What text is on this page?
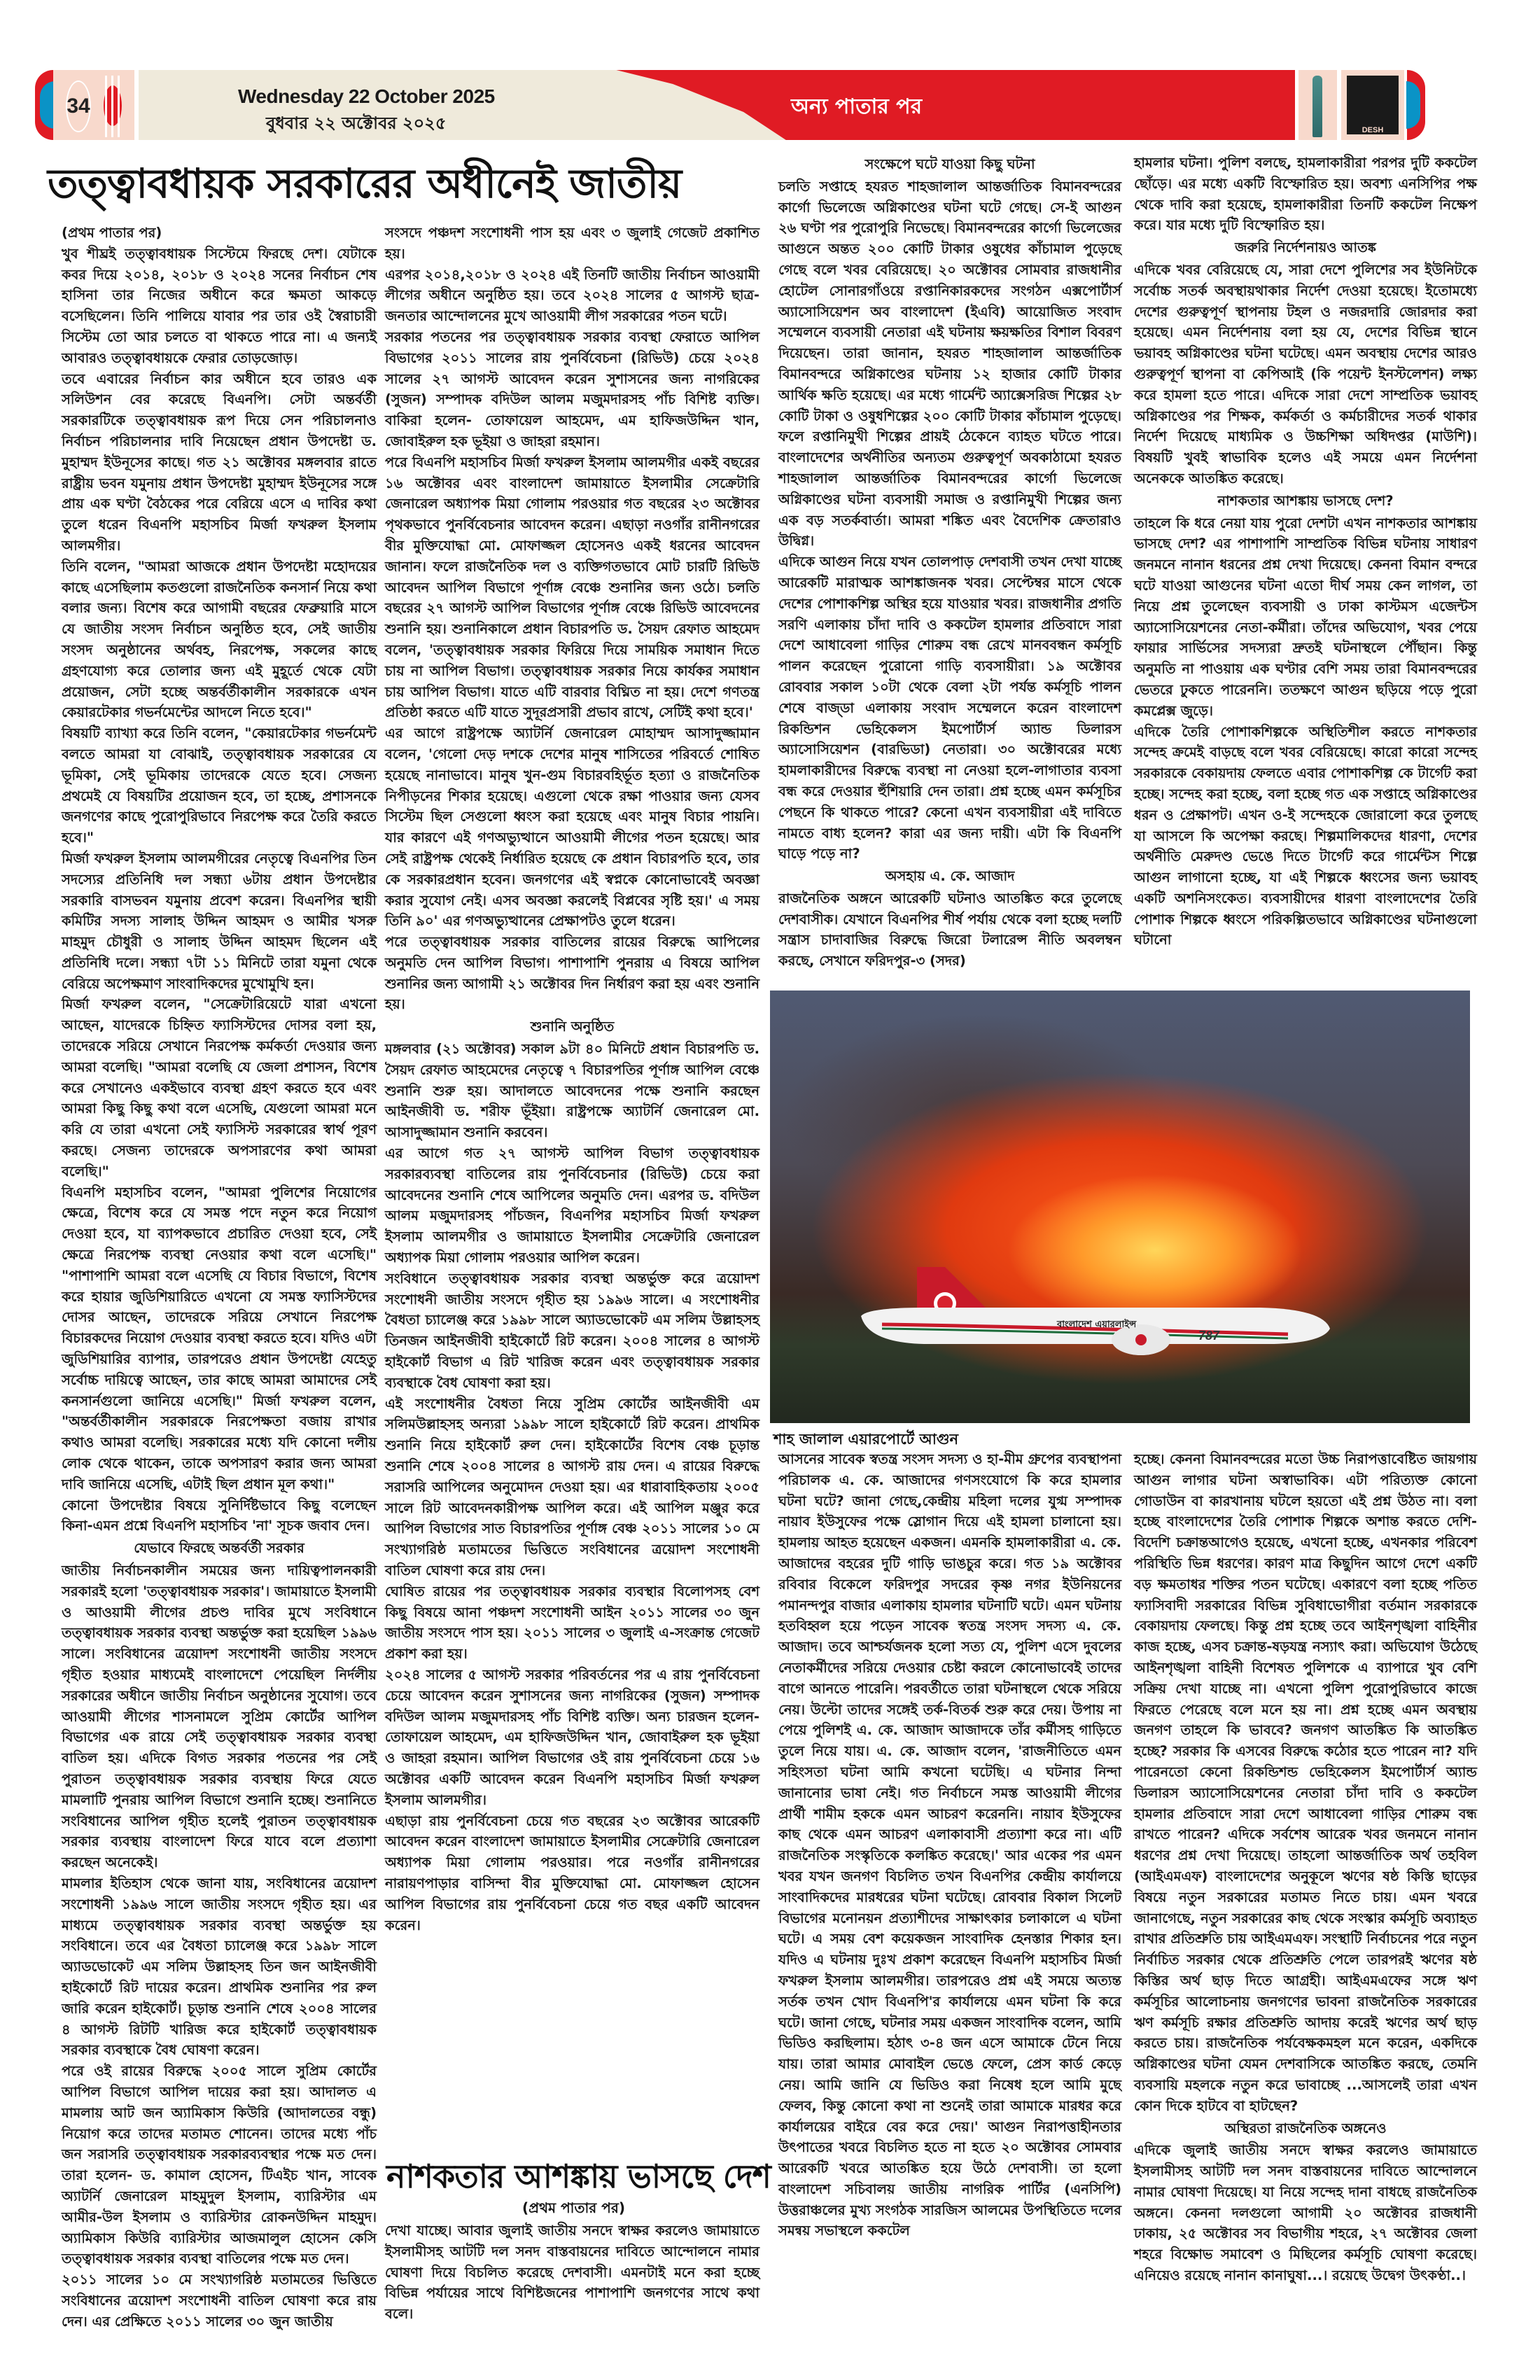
34	Wednesday 22 October 2025
বুধবার ২২ অক্টোবর ২০২৫
অন্য পাতার পর
DESH
তত্ত্বাবধায়ক সরকারের অধীনেই জাতীয়

(প্রথম পাতার পর)

খুব শীঘ্রই তত্ত্বাবধায়ক সিস্টেমে ফিরছে দেশ। যেটাকে কবর দিয়ে ২০১৪, ২০১৮ ও ২০২৪ সনের নির্বাচন শেষ হাসিনা তার নিজের অধীনে করে ক্ষমতা আকড়ে বসেছিলেন। তিনি পালিয়ে যাবার পর তার ওই স্বৈরাচারী সিস্টেম তো আর চলতে বা থাকতে পারে না। এ জন্যই আবারও তত্ত্বাবধায়কে ফেরার তোড়জোড়।

তবে এবারের নির্বাচন কার অধীনে হবে তারও এক সলিউশন বের করেছে বিএনপি। সেটা অন্তর্বর্তী সরকারটিকে তত্ত্বাবধায়ক রূপ দিয়ে সেন পরিচালনাও নির্বাচন পরিচালনার দাবি নিয়েছেন প্রধান উপদেষ্টা ড. মুহাম্মদ ইউনূসের কাছে। গত ২১ অক্টোবর মঙ্গলবার রাতে রাষ্ট্রীয় ভবন যমুনায় প্রধান উপদেষ্টা মুহাম্মদ ইউনূসের সঙ্গে প্রায় এক ঘণ্টা বৈঠকের পরে বেরিয়ে এসে এ দাবির কথা তুলে ধরেন বিএনপি মহাসচিব মির্জা ফখরুল ইসলাম আলমগীর।

তিনি বলেন, "আমরা আজকে প্রধান উপদেষ্টা মহোদয়ের কাছে এসেছিলাম কতগুলো রাজনৈতিক কনসার্ন নিয়ে কথা বলার জন্য। বিশেষ করে আগামী বছরের ফেব্রুয়ারি মাসে যে জাতীয় সংসদ নির্বাচন অনুষ্ঠিত হবে, সেই জাতীয় সংসদ অনুষ্ঠানের অর্থবহ, নিরপেক্ষ, সকলের কাছে গ্রহণযোগ্য করে তোলার জন্য এই মুহূর্তে থেকে যেটা প্রয়োজন, সেটা হচ্ছে অন্তর্বর্তীকালীন সরকারকে এখন কেয়ারটেকার গভর্নমেন্টের আদলে নিতে হবে।"

বিষয়টি ব্যাখ্যা করে তিনি বলেন, "কেয়ারটেকার গভর্নমেন্ট বলতে আমরা যা বোঝাই, তত্ত্বাবধায়ক সরকারের যে ভূমিকা, সেই ভূমিকায় তাদেরকে যেতে হবে। সেজন্য প্রথমেই যে বিষয়টির প্রয়োজন হবে, তা হচ্ছে, প্রশাসনকে জনগণের কাছে পুরোপুরিভাবে নিরপেক্ষ করে তৈরি করতে হবে।"

মির্জা ফখরুল ইসলাম আলমগীরের নেতৃত্বে বিএনপির তিন সদস্যের প্রতিনিধি দল সন্ধ্যা ৬টায় প্রধান উপদেষ্টার সরকারি বাসভবন যমুনায় প্রবেশ করেন। বিএনপির স্থায়ী কমিটির সদস্য সালাহ উদ্দিন আহমদ ও আমীর খসরু মাহমুদ চৌধুরী ও সালাহ উদ্দিন আহমদ ছিলেন এই প্রতিনিধি দলে। সন্ধ্যা ৭টা ১১ মিনিটে তারা যমুনা থেকে বেরিয়ে অপেক্ষমাণ সাংবাদিকদের মুখোমুখি হন।

মির্জা ফখরুল বলেন, "সেক্রেটারিয়েটে যারা এখনো আছেন, যাদেরকে চিহ্নিত ফ্যাসিস্টদের দোসর বলা হয়, তাদেরকে সরিয়ে সেখানে নিরপেক্ষ কর্মকর্তা দেওয়ার জন্য আমরা বলেছি। "আমরা বলেছি যে জেলা প্রশাসন, বিশেষ করে সেখানেও একইভাবে ব্যবস্থা গ্রহণ করতে হবে এবং আমরা কিছু কিছু কথা বলে এসেছি, যেগুলো আমরা মনে করি যে তারা এখনো সেই ফ্যাসিস্ট সরকারের স্বার্থ পূরণ করছে। সেজন্য তাদেরকে অপসারণের কথা আমরা বলেছি।"

বিএনপি মহাসচিব বলেন, "আমরা পুলিশের নিয়োগের ক্ষেত্রে, বিশেষ করে যে সমস্ত পদে নতুন করে নিয়োগ দেওয়া হবে, যা ব্যাপকভাবে প্রচারিত দেওয়া হবে, সেই ক্ষেত্রে নিরপেক্ষ ব্যবস্থা নেওয়ার কথা বলে এসেছি।" "পাশাপাশি আমরা বলে এসেছি যে বিচার বিভাগে, বিশেষ করে হায়ার জুডিশিয়ারিতে এখনো যে সমস্ত ফ্যাসিস্টদের দোসর আছেন, তাদেরকে সরিয়ে সেখানে নিরপেক্ষ বিচারকদের নিয়োগ দেওয়ার ব্যবস্থা করতে হবে। যদিও এটা জুডিশিয়ারির ব্যাপার, তারপরেও প্রধান উপদেষ্টা যেহেতু সর্বোচ্চ দায়িত্বে আছেন, তার কাছে আমরা আমাদের সেই কনসার্নগুলো জানিয়ে এসেছি।" মির্জা ফখরুল বলেন, "অন্তর্বর্তীকালীন সরকারকে নিরপেক্ষতা বজায় রাখার কথাও আমরা বলেছি। সরকারের মধ্যে যদি কোনো দলীয় লোক থেকে থাকেন, তাকে অপসারণ করার জন্য আমরা দাবি জানিয়ে এসেছি, এটাই ছিল প্রধান মূল কথা।"

কোনো উপদেষ্টার বিষয়ে সুনির্দিষ্টভাবে কিছু বলেছেন কিনা-এমন প্রশ্নে বিএনপি মহাসচিব 'না' সূচক জবাব দেন।

যেভাবে ফিরছে অন্তর্বর্তী সরকার

জাতীয় নির্বাচনকালীন সময়ের জন্য দায়িত্বপালনকারী সরকারই হলো 'তত্ত্বাবধায়ক সরকার'। জামায়াতে ইসলামী ও আওয়ামী লীগের প্রচণ্ড দাবির মুখে সংবিধানে তত্ত্বাবধায়ক সরকার ব্যবস্থা অন্তর্ভুক্ত করা হয়েছিল ১৯৯৬ সালে। সংবিধানের ত্রয়োদশ সংশোধনী জাতীয় সংসদে গৃহীত হওয়ার মাধ্যমেই বাংলাদেশে পেয়েছিল নির্দলীয় সরকারের অধীনে জাতীয় নির্বাচন অনুষ্ঠানের সুযোগ। তবে আওয়ামী লীগের শাসনামলে সুপ্রিম কোর্টের আপিল বিভাগের এক রায়ে সেই তত্ত্বাবধায়ক সরকার ব্যবস্থা বাতিল হয়। এদিকে বিগত সরকার পতনের পর সেই পুরাতন তত্ত্বাবধায়ক সরকার ব্যবস্থায় ফিরে যেতে মামলাটি পুনরায় আপিল বিভাগে শুনানি হচ্ছে। শুনানিতে সংবিধানের আপিল গৃহীত হলেই পুরাতন তত্ত্বাবধায়ক সরকার ব্যবস্থায় বাংলাদেশ ফিরে যাবে বলে প্রত্যাশা করছেন অনেকেই।

মামলার ইতিহাস থেকে জানা যায়, সংবিধানের ত্রয়োদশ সংশোধনী ১৯৯৬ সালে জাতীয় সংসদে গৃহীত হয়। এর মাধ্যমে তত্ত্বাবধায়ক সরকার ব্যবস্থা অন্তর্ভুক্ত হয় সংবিধানে। তবে এর বৈধতা চ্যালেঞ্জ করে ১৯৯৮ সালে অ্যাডভোকেট এম সলিম উল্লাহসহ তিন জন আইনজীবী হাইকোর্টে রিট দায়ের করেন। প্রাথমিক শুনানির পর রুল জারি করেন হাইকোর্ট। চূড়ান্ত শুনানি শেষে ২০০৪ সালের ৪ আগস্ট রিটটি খারিজ করে হাইকোর্ট তত্ত্বাবধায়ক সরকার ব্যবস্থাকে বৈধ ঘোষণা করেন।

পরে ওই রায়ের বিরুদ্ধে ২০০৫ সালে সুপ্রিম কোর্টের আপিল বিভাগে আপিল দায়ের করা হয়। আদালত এ মামলায় আট জন অ্যামিকাস কিউরি (আদালতের বন্ধু) নিয়োগ করে তাদের মতামত শোনেন। তাদের মধ্যে পাঁচ জন সরাসরি তত্ত্বাবধায়ক সরকারব্যবস্থার পক্ষে মত দেন। তারা হলেন- ড. কামাল হোসেন, টিএইচ খান, সাবেক অ্যাটর্নি জেনারেল মাহমুদুল ইসলাম, ব্যারিস্টার এম আমীর-উল ইসলাম ও ব্যারিস্টার রোকনউদ্দিন মাহমুদ। অ্যামিকাস কিউরি ব্যারিস্টার আজমালুল হোসেন কেসি তত্ত্বাবধায়ক সরকার ব্যবস্থা বাতিলের পক্ষে মত দেন।

২০১১ সালের ১০ মে সংখ্যাগরিষ্ঠ মতামতের ভিত্তিতে সংবিধানের ত্রয়োদশ সংশোধনী বাতিল ঘোষণা করে রায় দেন। এর প্রেক্ষিতে ২০১১ সালের ৩০ জুন জাতীয়

সংসদে পঞ্চদশ সংশোধনী পাস হয় এবং ৩ জুলাই গেজেট প্রকাশিত হয়।

এরপর ২০১৪,২০১৮ ও ২০২৪ এই তিনটি জাতীয় নির্বাচন আওয়ামী লীগের অধীনে অনুষ্ঠিত হয়। তবে ২০২৪ সালের ৫ আগস্ট ছাত্র-জনতার আন্দোলনের মুখে আওয়ামী লীগ সরকারের পতন ঘটে।

সরকার পতনের পর তত্ত্বাবধায়ক সরকার ব্যবস্থা ফেরাতে আপিল বিভাগের ২০১১ সালের রায় পুনর্বিবেচনা (রিভিউ) চেয়ে ২০২৪ সালের ২৭ আগস্ট আবেদন করেন সুশাসনের জন্য নাগরিকের (সুজন) সম্পাদক বদিউল আলম মজুমদারসহ পাঁচ বিশিষ্ট ব্যক্তি। বাকিরা হলেন- তোফায়েল আহমেদ, এম হাফিজউদ্দিন খান, জোবাইরুল হক ভূইয়া ও জাহরা রহমান।

পরে বিএনপি মহাসচিব মির্জা ফখরুল ইসলাম আলমগীর একই বছরের ১৬ অক্টোবর এবং বাংলাদেশ জামায়াতে ইসলামীর সেক্রেটারি জেনারেল অধ্যাপক মিয়া গোলাম পরওয়ার গত বছরের ২৩ অক্টোবর পৃথকভাবে পুনর্বিবেচনার আবেদন করেন। এছাড়া নওগাঁর রানীনগরের বীর মুক্তিযোদ্ধা মো. মোফাজ্জল হোসেনও একই ধরনের আবেদন জানান। ফলে রাজনৈতিক দল ও ব্যক্তিগতভাবে মোট চারটি রিভিউ আবেদন আপিল বিভাগে পূর্ণাঙ্গ বেঞ্চে শুনানির জন্য ওঠে। চলতি বছরের ২৭ আগস্ট আপিল বিভাগের পূর্ণাঙ্গ বেঞ্চে রিভিউ আবেদনের শুনানি হয়। শুনানিকালে প্রধান বিচারপতি ড. সৈয়দ রেফাত আহমেদ বলেন, 'তত্ত্বাবধায়ক সরকার ফিরিয়ে দিয়ে সাময়িক সমাধান দিতে চায় না আপিল বিভাগ। তত্ত্বাবধায়ক সরকার নিয়ে কার্যকর সমাধান চায় আপিল বিভাগ। যাতে এটি বারবার বিঘ্নিত না হয়। দেশে গণতন্ত্র প্রতিষ্ঠা করতে এটি যাতে সুদূরপ্রসারী প্রভাব রাখে, সেটিই কথা হবে।'

এর আগে রাষ্ট্রপক্ষে অ্যাটর্নি জেনারেল মোহাম্মদ আসাদুজ্জামান বলেন, 'গেলো দেড় দশকে দেশের মানুষ শাসিতের পরিবর্তে শোষিত হয়েছে নানাভাবে। মানুষ খুন-গুম বিচারবহির্ভূত হত্যা ও রাজনৈতিক নিপীড়নের শিকার হয়েছে। এগুলো থেকে রক্ষা পাওয়ার জন্য যেসব সিস্টেম ছিল সেগুলো ধ্বংস করা হয়েছে এবং মানুষ বিচার পায়নি। যার কারণে এই গণঅভ্যুত্থানে আওয়ামী লীগের পতন হয়েছে। আর সেই রাষ্ট্রপক্ষ থেকেই নির্ধারিত হয়েছে কে প্রধান বিচারপতি হবে, তার কে সরকারপ্রধান হবেন। জনগণের এই স্বপ্নকে কোনোভাবেই অবজ্ঞা করার সুযোগ নেই। এসব অবজ্ঞা করলেই বিপ্লবের সৃষ্টি হয়।' এ সময় তিনি ৯০' এর গণঅভ্যুত্থানের প্রেক্ষাপটও তুলে ধরেন।

পরে তত্ত্বাবধায়ক সরকার বাতিলের রায়ের বিরুদ্ধে আপিলের অনুমতি দেন আপিল বিভাগ। পাশাপাশি পুনরায় এ বিষয়ে আপিল শুনানির জন্য আগামী ২১ অক্টোবর দিন নির্ধারণ করা হয় এবং শুনানি হয়।

শুনানি অনুষ্ঠিত

মঙ্গলবার (২১ অক্টোবর) সকাল ৯টা ৪০ মিনিটে প্রধান বিচারপতি ড. সৈয়দ রেফাত আহমেদের নেতৃত্বে ৭ বিচারপতির পূর্ণাঙ্গ আপিল বেঞ্চে শুনানি শুরু হয়। আদালতে আবেদনের পক্ষে শুনানি করছেন আইনজীবী ড. শরীফ ভূঁইয়া। রাষ্ট্রপক্ষে অ্যাটর্নি জেনারেল মো. আসাদুজ্জামান শুনানি করবেন।

এর আগে গত ২৭ আগস্ট আপিল বিভাগ তত্ত্বাবধায়ক সরকারব্যবস্থা বাতিলের রায় পুনর্বিবেচনার (রিভিউ) চেয়ে করা আবেদনের শুনানি শেষে আপিলের অনুমতি দেন। এরপর ড. বদিউল আলম মজুমদারসহ পাঁচজন, বিএনপির মহাসচিব মির্জা ফখরুল ইসলাম আলমগীর ও জামায়াতে ইসলামীর সেক্রেটারি জেনারেল অধ্যাপক মিয়া গোলাম পরওয়ার আপিল করেন।

সংবিধানে তত্ত্বাবধায়ক সরকার ব্যবস্থা অন্তর্ভুক্ত করে ত্রয়োদশ সংশোধনী জাতীয় সংসদে গৃহীত হয় ১৯৯৬ সালে। এ সংশোধনীর বৈধতা চ্যালেঞ্জ করে ১৯৯৮ সালে অ্যাডভোকেট এম সলিম উল্লাহসহ তিনজন আইনজীবী হাইকোর্টে রিট করেন। ২০০৪ সালের ৪ আগস্ট হাইকোর্ট বিভাগ এ রিট খারিজ করেন এবং তত্ত্বাবধায়ক সরকার ব্যবস্থাকে বৈধ ঘোষণা করা হয়।

এই সংশোধনীর বৈধতা নিয়ে সুপ্রিম কোর্টের আইনজীবী এম সলিমউল্লাহসহ অন্যরা ১৯৯৮ সালে হাইকোর্টে রিট করেন। প্রাথমিক শুনানি নিয়ে হাইকোর্ট রুল দেন। হাইকোর্টের বিশেষ বেঞ্চ চূড়ান্ত শুনানি শেষে ২০০৪ সালের ৪ আগস্ট রায় দেন। এ রায়ের বিরুদ্ধে সরাসরি আপিলের অনুমোদন দেওয়া হয়। এর ধারাবাহিকতায় ২০০৫ সালে রিট আবেদনকারীপক্ষ আপিল করে। এই আপিল মঞ্জুর করে আপিল বিভাগের সাত বিচারপতির পূর্ণাঙ্গ বেঞ্চ ২০১১ সালের ১০ মে সংখ্যাগরিষ্ঠ মতামতের ভিত্তিতে সংবিধানের ত্রয়োদশ সংশোধনী বাতিল ঘোষণা করে রায় দেন।

ঘোষিত রায়ের পর তত্ত্বাবধায়ক সরকার ব্যবস্থার বিলোপসহ বেশ কিছু বিষয়ে আনা পঞ্চদশ সংশোধনী আইন ২০১১ সালের ৩০ জুন জাতীয় সংসদে পাস হয়। ২০১১ সালের ৩ জুলাই এ-সংক্রান্ত গেজেট প্রকাশ করা হয়।

২০২৪ সালের ৫ আগস্ট সরকার পরিবর্তনের পর এ রায় পুনর্বিবেচনা চেয়ে আবেদন করেন সুশাসনের জন্য নাগরিকের (সুজন) সম্পাদক বদিউল আলম মজুমদারসহ পাঁচ বিশিষ্ট ব্যক্তি। অন্য চারজন হলেন- তোফায়েল আহমেদ, এম হাফিজউদ্দিন খান, জোবাইরুল হক ভূইয়া ও জাহরা রহমান। আপিল বিভাগের ওই রায় পুনর্বিবেচনা চেয়ে ১৬ অক্টোবর একটি আবেদন করেন বিএনপি মহাসচিব মির্জা ফখরুল ইসলাম আলমগীর।

এছাড়া রায় পুনর্বিবেচনা চেয়ে গত বছরের ২৩ অক্টোবর আরেকটি আবেদন করেন বাংলাদেশ জামায়াতে ইসলামীর সেক্রেটারি জেনারেল অধ্যাপক মিয়া গোলাম পরওয়ার। পরে নওগাঁর রানীনগরের নারায়ণপাড়ার বাসিন্দা বীর মুক্তিযোদ্ধা মো. মোফাজ্জল হোসেন আপিল বিভাগের রায় পুনর্বিবেচনা চেয়ে গত বছর একটি আবেদন করেন।

নাশকতার আশঙ্কায় ভাসছে দেশ
(প্রথম পাতার পর)

দেখা যাচ্ছে। আবার জুলাই জাতীয় সনদে স্বাক্ষর করলেও জামায়াতে ইসলামীসহ আটটি দল সনদ বাস্তবায়নের দাবিতে আন্দোলনে নামার ঘোষণা দিয়ে বিচলিত করেছে দেশবাসী। এমনটাই মনে করা হচ্ছে বিভিন্ন পর্যায়ের সাথে বিশিষ্টজনের পাশাপাশি জনগণের সাথে কথা বলে।

সংক্ষেপে ঘটে যাওয়া কিছু ঘটনা

চলতি সপ্তাহে হযরত শাহজালাল আন্তর্জাতিক বিমানবন্দরের কার্গো ভিলেজে অগ্নিকাণ্ডের ঘটনা ঘটে গেছে। সে-ই আগুন ২৬ ঘণ্টা পর পুরোপুরি নিভেছে। বিমানবন্দরের কার্গো ভিলেজের আগুনে অন্তত ২০০ কোটি টাকার ওষুধের কাঁচামাল পুড়েছে গেছে বলে খবর বেরিয়েছে। ২০ অক্টোবর সোমবার রাজধানীর হোটেল সোনারগাঁওয়ে রপ্তানিকারকদের সংগঠন এক্সপোর্টার্স অ্যাসোসিয়েশন অব বাংলাদেশ (ইএবি) আয়োজিত সংবাদ সম্মেলনে ব্যবসায়ী নেতারা এই ঘটনায় ক্ষয়ক্ষতির বিশাল বিবরণ দিয়েছেন। তারা জানান, হযরত শাহজালাল আন্তর্জাতিক বিমানবন্দরে অগ্নিকাণ্ডের ঘটনায় ১২ হাজার কোটি টাকার আর্থিক ক্ষতি হয়েছে। এর মধ্যে গার্মেন্ট অ্যাক্সেসরিজ শিল্পের ২৮ কোটি টাকা ও ওষুধশিল্পের ২০০ কোটি টাকার কাঁচামাল পুড়েছে। ফলে রপ্তানিমুখী শিল্পের প্রায়ই ঠেকেনে ব্যাহত ঘটতে পারে। বাংলাদেশের অর্থনীতির অন্যতম গুরুত্বপূর্ণ অবকাঠামো হযরত শাহজালাল আন্তর্জাতিক বিমানবন্দরের কার্গো ভিলেজে অগ্নিকাণ্ডের ঘটনা ব্যবসায়ী সমাজ ও রপ্তানিমুখী শিল্পের জন্য এক বড় সতর্কবার্তা। আমরা শঙ্কিত এবং বৈদেশিক ক্রেতারাও উদ্বিগ্ন।

এদিকে আগুন নিয়ে যখন তোলপাড় দেশবাসী তখন দেখা যাচ্ছে আরেকটি মারাত্মক আশঙ্কাজনক খবর। সেপ্টেম্বর মাসে থেকে দেশের পোশাকশিল্প অস্থির হয়ে যাওয়ার খবর। রাজধানীর প্রগতি সরণি এলাকায় চাঁদা দাবি ও ককটেল হামলার প্রতিবাদে সারা দেশে আধাবেলা গাড়ির শোরুম বন্ধ রেখে মানববন্ধন কর্মসূচি পালন করেছেন পুরোনো গাড়ি ব্যবসায়ীরা। ১৯ অক্টোবর রোববার সকাল ১০টা থেকে বেলা ২টা পর্যন্ত কর্মসূচি পালন শেষে বাজ্ডা এলাকায় সংবাদ সম্মেলনে করেন বাংলাদেশ রিকন্ডিশন ভেহিকেলস ইমপোর্টার্স অ্যান্ড ডিলারস অ্যাসোসিয়েশন (বারভিডা) নেতারা। ৩০ অক্টোবরের মধ্যে হামলাকারীদের বিরুদ্ধে ব্যবস্থা না নেওয়া হলে-লাগাতার ব্যবসা বন্ধ করে দেওয়ার হুঁশিয়ারি দেন তারা। প্রশ্ন হচ্ছে এমন কর্মসূচির পেছনে কি থাকতে পারে? কেনো এখন ব্যবসায়ীরা এই দাবিতে নামতে বাধ্য হলেন? কারা এর জন্য দায়ী। এটা কি বিএনপি ঘাড়ে পড়ে না?

অসহায় এ. কে. আজাদ

রাজনৈতিক অঙ্গনে আরেকটি ঘটনাও আতঙ্কিত করে তুলেছে দেশবাসীক। যেখানে বিএনপির শীর্ষ পর্যায় থেকে বলা হচ্ছে দলটি সন্ত্রাস চাদাবাজির বিরুদ্ধে জিরো টলারেন্স নীতি অবলম্বন করছে, সেখানে ফরিদপুর-৩ (সদর)

হামলার ঘটনা। পুলিশ বলছে, হামলাকারীরা পরপর দুটি ককটেল ছোঁড়ে। এর মধ্যে একটি বিস্ফোরিত হয়। অবশ্য এনসিপির পক্ষ থেকে দাবি করা হয়েছে, হামলাকারীরা তিনটি ককটেল নিক্ষেপ করে। যার মধ্যে দুটি বিস্ফোরিত হয়।

জরুরি নির্দেশনায়ও আতঙ্ক

এদিকে খবর বেরিয়েছে যে, সারা দেশে পুলিশের সব ইউনিটকে সর্বোচ্চ সতর্ক অবস্থায়থাকার নির্দেশ দেওয়া হয়েছে। ইতোমধ্যে দেশের গুরুত্বপূর্ণ স্থাপনায় টহল ও নজরদারি জোরদার করা হয়েছে। এমন নির্দেশনায় বলা হয় যে, দেশের বিভিন্ন স্থানে ভয়াবহ অগ্নিকাণ্ডের ঘটনা ঘটেছে। এমন অবস্থায় দেশের আরও গুরুত্বপূর্ণ স্থাপনা বা কেপিআই (কি পয়েন্ট ইনস্টলেশন) লক্ষ্য করে হামলা হতে পারে। এদিকে সারা দেশে সাম্প্রতিক ভয়াবহ অগ্নিকাণ্ডের পর শিক্ষক, কর্মকর্তা ও কর্মচারীদের সতর্ক থাকার নির্দেশ দিয়েছে মাধ্যমিক ও উচ্চশিক্ষা অধিদপ্তর (মাউশি)। বিষয়টি খুবই স্বাভাবিক হলেও এই সময়ে এমন নির্দেশনা অনেককে আতঙ্কিত করেছে।

নাশকতার আশঙ্কায় ভাসছে দেশ?

তাহলে কি ধরে নেয়া যায় পুরো দেশটা এখন নাশকতার আশঙ্কায় ভাসছে দেশ? এর পাশাপাশি সাম্প্রতিক বিভিন্ন ঘটনায় সাধারণ জনমনে নানান ধরনের প্রশ্ন দেখা দিয়েছে। কেননা বিমান বন্দরে ঘটে যাওয়া আগুনের ঘটনা এতো দীর্ঘ সময় কেন লাগল, তা নিয়ে প্রশ্ন তুলেছেন ব্যবসায়ী ও ঢাকা কাস্টমস এজেন্টস অ্যাসোসিয়েশনের নেতা-কর্মীরা। তাঁদের অভিযোগ, খবর পেয়ে ফায়ার সার্ভিসের সদস্যরা দ্রুতই ঘটনাস্থলে পৌঁছান। কিন্তু অনুমতি না পাওয়ায় এক ঘণ্টার বেশি সময় তারা বিমানবন্দরের ভেতরে ঢুকতে পারেননি। ততক্ষণে আগুন ছড়িয়ে পড়ে পুরো কমপ্লেক্স জুড়ে।

এদিকে তৈরি পোশাকশিল্পকে অস্থিতিশীল করতে নাশকতার সন্দেহ ক্রমেই বাড়ছে বলে খবর বেরিয়েছে। কারো কারো সন্দেহ সরকারকে বেকায়দায় ফেলতে এবার পোশাকশিল্প কে টার্গেট করা হচ্ছে। সন্দেহ করা হচ্ছে, বলা হচ্ছে গত এক সপ্তাহে অগ্নিকাণ্ডের ধরন ও প্রেক্ষাপট। এখন ও-ই সন্দেহকে জোরালো করে তুলছে যা আসলে কি অপেক্ষা করছে। শিল্পমালিকদের ধারণা, দেশের অর্থনীতি মেরুদণ্ড ভেঙে দিতে টার্গেট করে গার্মেন্টস শিল্পে আগুন লাগানো হচ্ছে, যা এই শিল্পকে ধ্বংসের জন্য ভয়াবহ একটি অশনিসংকেত। ব্যবসায়ীদের ধারণা বাংলাদেশের তৈরি পোশাক শিল্পকে ধ্বংসে পরিকল্পিতভাবে অগ্নিকাণ্ডের ঘটনাগুলো ঘটানো

বাংলাদেশ এয়ারলাইন্স
787
শাহ জালাল এয়ারপোর্টে আগুন

আসনের সাবেক স্বতন্ত্র সংসদ সদস্য ও হা-মীম গ্রুপের ব্যবস্থাপনা পরিচালক এ. কে. আজাদের গণসংযোগে কি করে হামলার ঘটনা ঘটে? জানা গেছে,কেন্দ্রীয় মহিলা দলের যুগ্ম সম্পাদক নায়াব ইউসুফের পক্ষে স্লোগান দিয়ে এই হামলা চালানো হয়। হামলায় আহত হয়েছেন একজন। এমনকি হামলাকারীরা এ. কে. আজাদের বহরের দুটি গাড়ি ভাঙচুর করে। গত ১৯ অক্টোবর রবিবার বিকেলে ফরিদপুর সদরের কৃষ্ণ নগর ইউনিয়নের পমানন্দপুর বাজার এলাকায় হামলার ঘটনাটি ঘটে। এমন ঘটনায় হতবিহ্বল হয়ে পড়েন সাবেক স্বতন্ত্র সংসদ সদস্য এ. কে. আজাদ। তবে আশ্চর্যজনক হলো সত্য যে, পুলিশ এসে দুবলের নেতাকর্মীদের সরিয়ে দেওয়ার চেষ্টা করলে কোনোভাবেই তাদের বাগে আনতে পারেনি। পরবর্তীতে তারা ঘটনাস্থলে থেকে সরিয়ে নেয়। উল্টো তাদের সঙ্গেই তর্ক-বিতর্ক শুরু করে দেয়। উপায় না পেয়ে পুলিশই এ. কে. আজাদ আজাদকে তাঁর কর্মীসহ গাড়িতে তুলে নিয়ে যায়। এ. কে. আজাদ বলেন, 'রাজনীতিতে এমন সহিংসতা ঘটনা আমি কখনো ঘটেছি। এ ঘটনার নিন্দা জানানোর ভাষা নেই। গত নির্বাচনে সমস্ত আওয়ামী লীগের প্রার্থী শামীম হককে এমন আচরণ করেননি। নায়াব ইউসুফের কাছ থেকে এমন আচরণ এলাকাবাসী প্রত্যাশা করে না। এটি রাজনৈতিক সংস্কৃতিকে কলঙ্কিত করেছে।' আর একের পর এমন খবর যখন জনগণ বিচলিত তখন বিএনপির কেন্দ্রীয় কার্যালয়ে সাংবাদিকদের মারধরের ঘটনা ঘটেছে। রোববার বিকাল সিলেট বিভাগের মনোনয়ন প্রত্যাশীদের সাক্ষাৎকার চলাকালে এ ঘটনা ঘটে। এ সময় বেশ কয়েকজন সাংবাদিক হেনস্তার শিকার হন। যদিও এ ঘটনায় দুঃখ প্রকাশ করেছেন বিএনপি মহাসচিব মির্জা ফখরুল ইসলাম আলমগীর। তারপরেও প্রশ্ন এই সময়ে অত্যন্ত সর্তক তখন খোদ বিএনপি'র কার্যালয়ে এমন ঘটনা কি করে ঘটে। জানা গেছে, ঘটনার সময় একজন সাংবাদিক বলেন, আমি ভিডিও করছিলাম। হঠাৎ ৩-৪ জন এসে আমাকে টেনে নিয়ে যায়। তারা আমার মোবাইল ভেঙে ফেলে, প্রেস কার্ড কেড়ে নেয়। আমি জানি যে ভিডিও করা নিষেধ হলে আমি মুছে ফেলব, কিন্তু কোনো কথা না শুনেই তারা আমাকে মারধর করে কার্যালয়ের বাইরে বের করে দেয়।' আগুন নিরাপত্তাহীনতার উৎপাতের খবরে বিচলিত হতে না হতে ২০ অক্টোবর সোমবার আরেকটি খবরে আতঙ্কিত হয়ে উঠে দেশবাসী। তা হলো বাংলাদেশ সচিবালয় জাতীয় নাগরিক পার্টির (এনসিপি) উত্তরাঞ্চলের মুখ্য সংগঠক সারজিস আলমের উপস্থিতিতে দলের সমন্বয় সভাস্থলে ককটেল

হচ্ছে। কেননা বিমানবন্দরের মতো উচ্চ নিরাপত্তাবেষ্টিত জায়গায় আগুন লাগার ঘটনা অস্বাভাবিক। এটা পরিত্যক্ত কোনো গোডাউন বা কারখানায় ঘটলে হয়তো এই প্রশ্ন উঠত না। বলা হচ্ছে বাংলাদেশের তৈরি পোশাক শিল্পকে অশান্ত করতে দেশি-বিদেশি চক্রান্তআগেও হয়েছে, এখনো হচ্ছে, এখনকার পরিবেশ পরিস্থিতি ভিন্ন ধরণের। কারণ মাত্র কিছুদিন আগে দেশে একটি বড় ক্ষমতাধর শক্তির পতন ঘটেছে। একারণে বলা হচ্ছে পতিত ফ্যাসিবাদী সরকারের বিভিন্ন সুবিধাভোগীরা বর্তমান সরকারকে বেকায়দায় ফেলছে। কিন্তু প্রশ্ন হচ্ছে তবে আইনশৃঙ্খলা বাহিনীর কাজ হচ্ছে, এসব চক্রান্ত-ষড়যন্ত্র নস্যাৎ করা। অভিযোগ উঠেছে আইনশৃঙ্খলা বাহিনী বিশেষত পুলিশকে এ ব্যাপারে খুব বেশি সক্রিয় দেখা যাচ্ছে না। এখনো পুলিশ পুরোপুরিভাবে কাজে ফিরতে পেরেছে বলে মনে হয় না। প্রশ্ন হচ্ছে এমন অবস্থায় জনগণ তাহলে কি ভাববে? জনগণ আতঙ্কিত কি আতঙ্কিত হচ্ছে? সরকার কি এসবের বিরুদ্ধে কঠোর হতে পারেন না? যদি পারেনতো কেনো রিকন্ডিশন্ড ভেহিকেলস ইমপোর্টার্স অ্যান্ড ডিলারস অ্যাসোসিয়েশনের নেতারা চাঁদা দাবি ও ককটেল হামলার প্রতিবাদে সারা দেশে আধাবেলা গাড়ির শোরুম বন্ধ রাখতে পারেন? এদিকে সর্বশেষ আরেক খবর জনমনে নানান ধরণের প্রশ্ন দেখা দিয়েছে। তাহলো আন্তর্জাতিক অর্থ তহবিল (আইএমএফ) বাংলাদেশের অনুকূলে ঋণের ষষ্ঠ কিস্তি ছাড়ের বিষয়ে নতুন সরকারের মতামত নিতে চায়। এমন খবরে জানাগেছে, নতুন সরকারের কাছ থেকে সংস্কার কর্মসূচি অব্যাহত রাখার প্রতিশ্রুতি চায় আইএমএফ। সংস্থাটি নির্বাচনের পরে নতুন নির্বাচিত সরকার থেকে প্রতিশ্রুতি পেলে তারপরই ঋণের ষষ্ঠ কিস্তির অর্থ ছাড় দিতে আগ্রহী। আইএমএফের সঙ্গে ঋণ কর্মসূচির আলোচনায় জনগণের ভাবনা রাজনৈতিক সরকারের ঋণ কর্মসূচি রক্ষার প্রতিশ্রুতি আদায় করেই ঋণের অর্থ ছাড় করতে চায়। রাজনৈতিক পর্যবেক্ষকমহল মনে করেন, একদিকে অগ্নিকাণ্ডের ঘটনা যেমন দেশবাসিকে আতঙ্কিত করছে, তেমনি ব্যবসায়ি মহলকে নতুন করে ভাবাচ্ছে ...আসলেই তারা এখন কোন দিকে হাটবে বা হাটছেন?

অস্থিরতা রাজনৈতিক অঙ্গনেও

এদিকে জুলাই জাতীয় সনদে স্বাক্ষর করলেও জামায়াতে ইসলামীসহ আটটি দল সনদ বাস্তবায়নের দাবিতে আন্দোলনে নামার ঘোষণা দিয়েছে। যা নিয়ে সন্দেহ দানা বাধছে রাজনৈতিক অঙ্গনে। কেননা দলগুলো আগামী ২০ অক্টোবর রাজধানী ঢাকায়, ২৫ অক্টোবর সব বিভাগীয় শহরে, ২৭ অক্টোবর জেলা শহরে বিক্ষোভ সমাবেশ ও মিছিলের কর্মসূচি ঘোষণা করেছে। এনিয়েও রয়েছে নানান কানাঘুষা...। রয়েছে উদ্বেগ উৎকণ্ঠা..।
